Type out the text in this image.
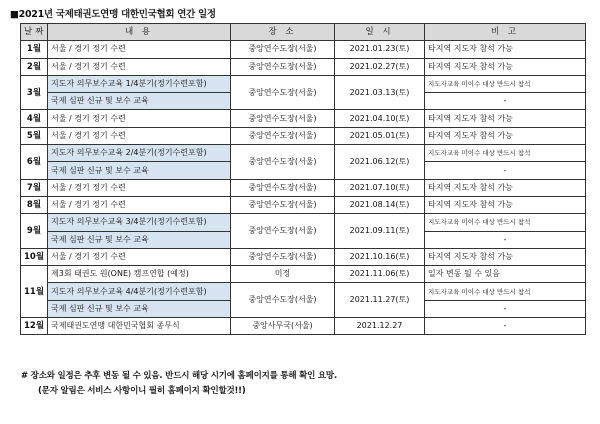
■2021년 국제태권도연맹 대한민국협회 연간 일정
날짜	내 용	장 소	일 시	비 고
1월	서울 / 경기 정기 수련	중앙연수도장(서울)	2021.01.23(토)	타지역 지도자 참석 가능
2월	서울 / 경기 정기 수련	중앙연수도장(서울)	2021.02.27(토)	타지역 지도자 참석 가능
3월	지도자 의무보수교육 1/4분기(정기수련포함)	중앙연수도장(서울)	2021.03.13(토)	지도자교육 미이수 대상 반드시 참석
	국제 심판 신규 및 보수 교육			-
4월	서울 / 경기 정기 수련	중앙연수도장(서울)	2021.04.10(토)	타지역 지도자 참석 가능
5월	서울 / 경기 정기 수련	중앙연수도장(서울)	2021.05.01(토)	타지역 지도자 참석 가능
6월	지도자 의무보수교육 2/4분기(정기수련포함)	중앙연수도장(서울)	2021.06.12(토)	지도자교육 미이수 대상 반드시 참석
	국제 심판 신규 및 보수 교육			-
7월	서울 / 경기 정기 수련	중앙연수도장(서울)	2021.07.10(토)	타지역 지도자 참석 가능
8월	서울 / 경기 정기 수련	중앙연수도장(서울)	2021.08.14(토)	타지역 지도자 참석 가능
9월	지도자 의무보수교육 3/4분기(정기수련포함)	중앙연수도장(서울)	2021.09.11(토)	지도자교육 미이수 대상 반드시 참석
	국제 심판 신규 및 보수 교육			-
10월	서울 / 경기 정기 수련	중앙연수도장(서울)	2021.10.16(토)	타지역 지도자 참석 가능
11월	제3회 태권도 원(ONE) 캠프연합 (예정)	미정	2021.11.06(토)	일자 변동 될 수 있음
	지도자 의무보수교육 4/4분기(정기수련포함)	중앙연수도장(서울)	2021.11.27(토)	지도자교육 미이수 대상 반드시 참석
	국제 심판 신규 및 보수 교육			-
12월	국제태권도연맹 대한민국협회 종무식	중앙사무국(서울)	2021.12.27	-
# 장소와 일정은 추후 변동 될 수 있음. 반드시 해당 시기에 홈페이지를 통해 확인 요망.
(문자 알림은 서비스 사항이니 필히 홈페이지 확인할것!!)
